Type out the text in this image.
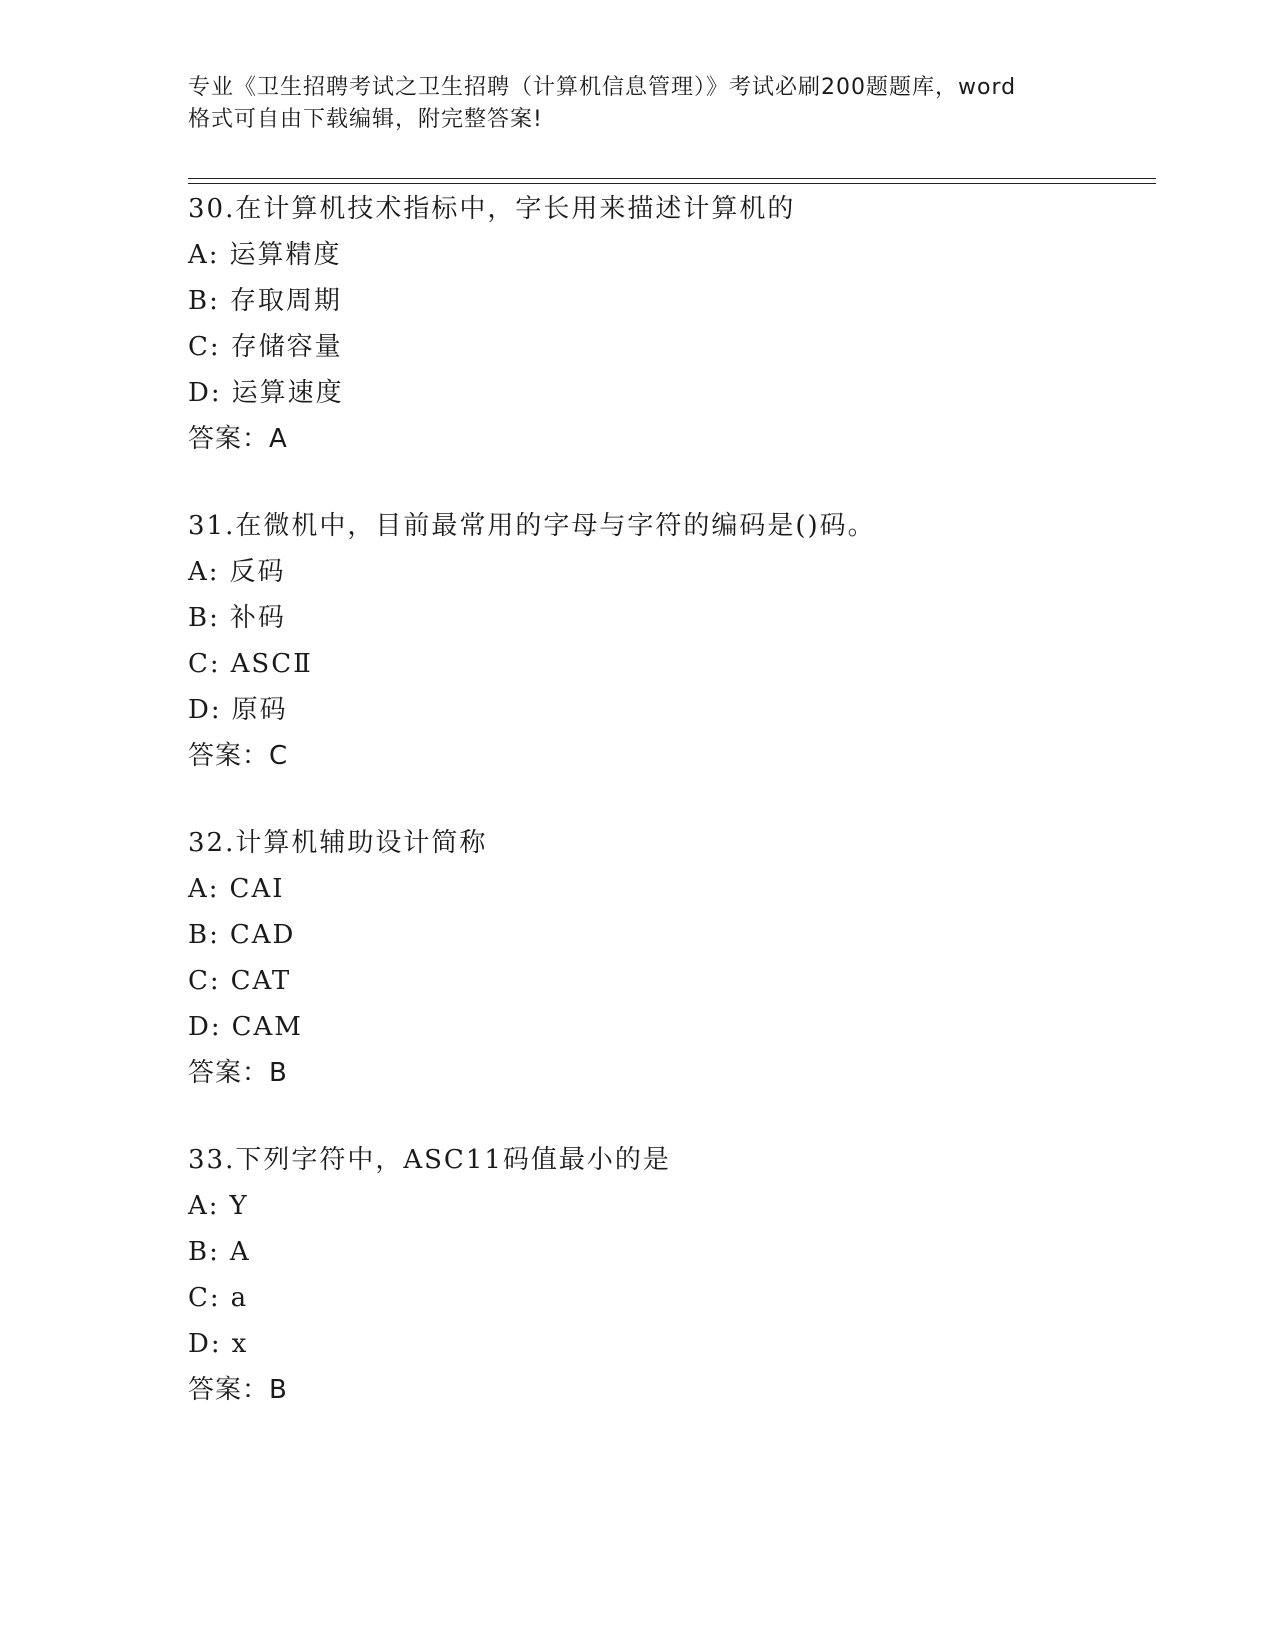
专业《卫生招聘考试之卫生招聘（计算机信息管理）》考试必刷200题题库，word
格式可自由下载编辑，附完整答案!
30.在计算机技术指标中，字长用来描述计算机的
A: 运算精度
B: 存取周期
C: 存储容量
D: 运算速度
答案：A
31.在微机中，目前最常用的字母与字符的编码是()码。
A: 反码
B: 补码
C: ASCⅡ
D: 原码
答案：C
32.计算机辅助设计简称
A: CAI
B: CAD
C: CAT
D: CAM
答案：B
33.下列字符中，ASC11码值最小的是
A: Y
B: A
C: a
D: x
答案：B
